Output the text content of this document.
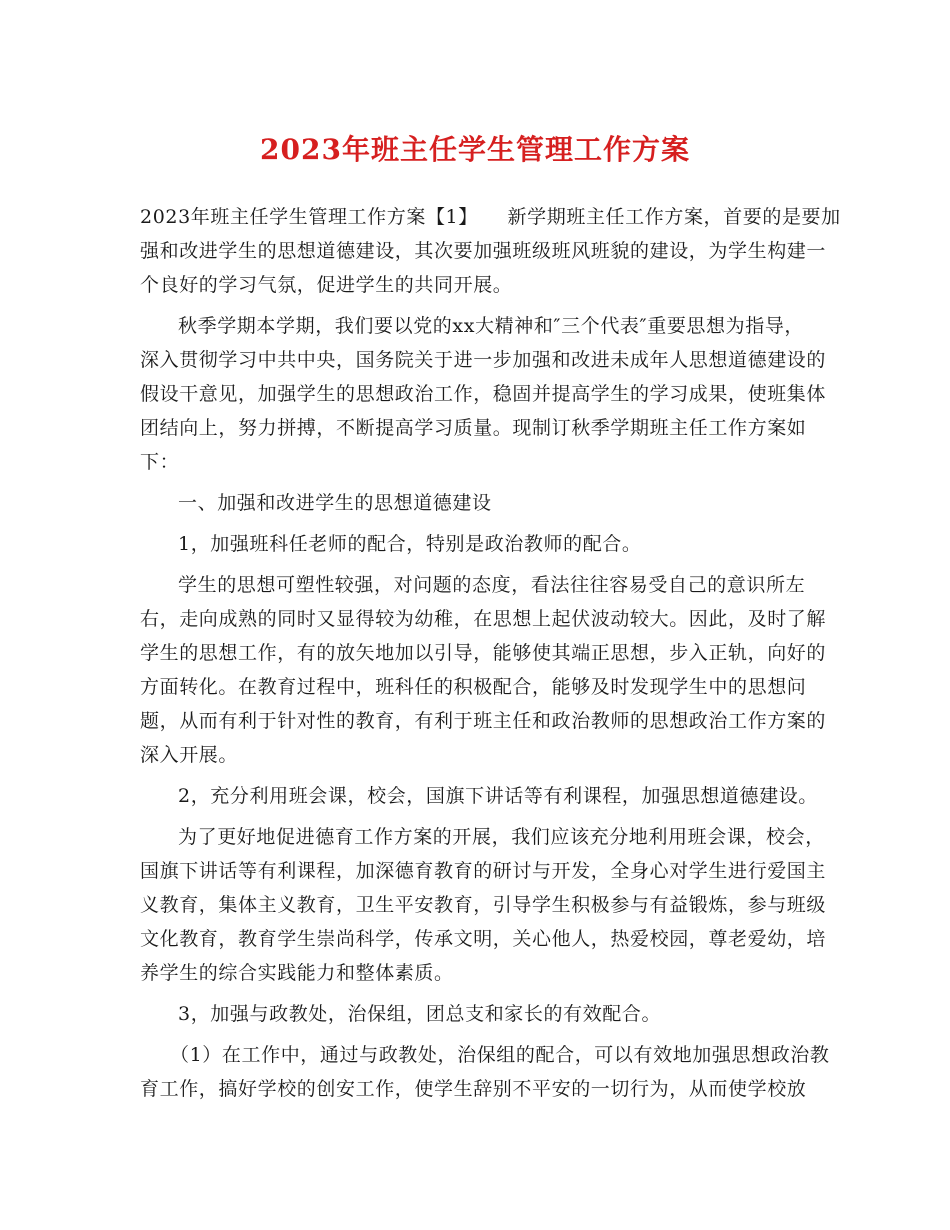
2023年班主任学生管理工作方案
2023年班主任学生管理工作方案【1】　　新学期班主任工作方案，首要的是要加
强和改进学生的思想道德建设，其次要加强班级班风班貌的建设，为学生构建一
个良好的学习气氛，促进学生的共同开展。
秋季学期本学期，我们要以党的xx大精神和″三个代表″重要思想为指导，
深入贯彻学习中共中央，国务院关于进一步加强和改进未成年人思想道德建设的
假设干意见，加强学生的思想政治工作，稳固并提高学生的学习成果，使班集体
团结向上，努力拼搏，不断提高学习质量。现制订秋季学期班主任工作方案如
下：
一、加强和改进学生的思想道德建设
1，加强班科任老师的配合，特别是政治教师的配合。
学生的思想可塑性较强，对问题的态度，看法往往容易受自己的意识所左
右，走向成熟的同时又显得较为幼稚，在思想上起伏波动较大。因此，及时了解
学生的思想工作，有的放矢地加以引导，能够使其端正思想，步入正轨，向好的
方面转化。在教育过程中，班科任的积极配合，能够及时发现学生中的思想问
题，从而有利于针对性的教育，有利于班主任和政治教师的思想政治工作方案的
深入开展。
2，充分利用班会课，校会，国旗下讲话等有利课程，加强思想道德建设。
为了更好地促进德育工作方案的开展，我们应该充分地利用班会课，校会，
国旗下讲话等有利课程，加深德育教育的研讨与开发，全身心对学生进行爱国主
义教育，集体主义教育，卫生平安教育，引导学生积极参与有益锻炼，参与班级
文化教育，教育学生崇尚科学，传承文明，关心他人，热爱校园，尊老爱幼，培
养学生的综合实践能力和整体素质。
3，加强与政教处，治保组，团总支和家长的有效配合。
（1）在工作中，通过与政教处，治保组的配合，可以有效地加强思想政治教
育工作，搞好学校的创安工作，使学生辞别不平安的一切行为，从而使学校放
